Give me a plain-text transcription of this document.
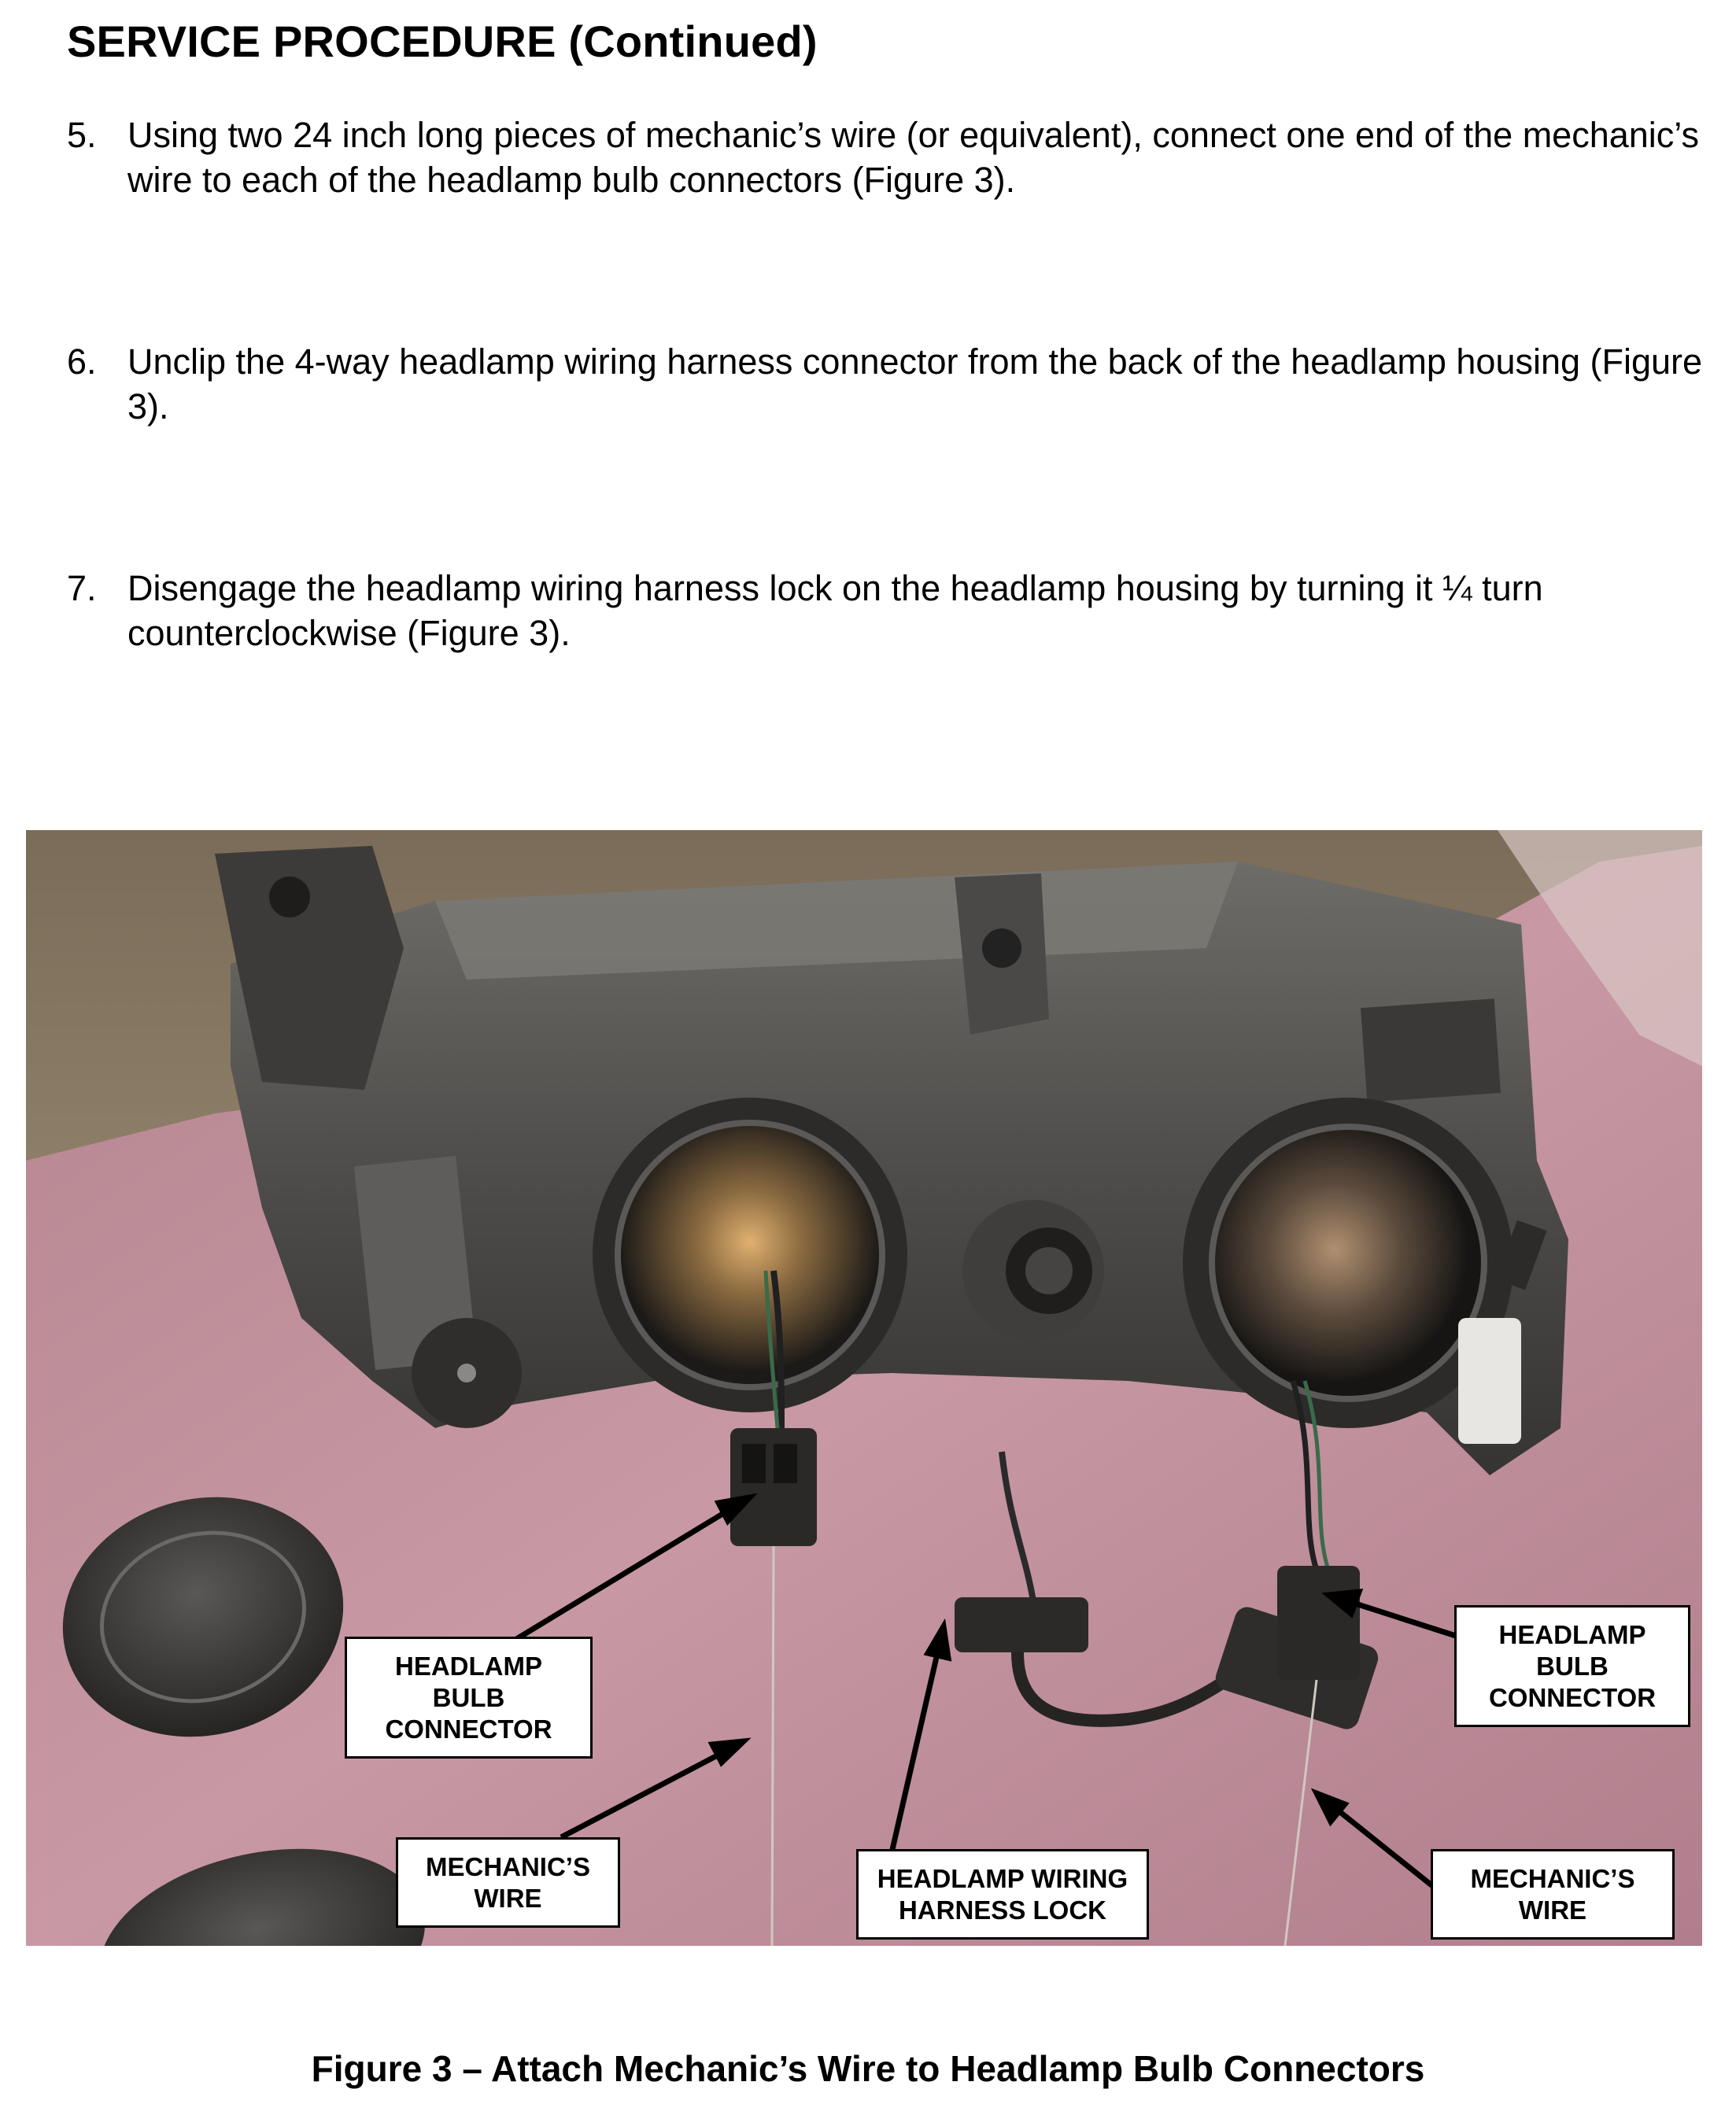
SERVICE PROCEDURE (Continued)
5. Using two 24 inch long pieces of mechanic’s wire (or equivalent), connect one end of the mechanic’s wire to each of the headlamp bulb connectors (Figure 3).
6. Unclip the 4-way headlamp wiring harness connector from the back of the headlamp housing (Figure 3).
7. Disengage the headlamp wiring harness lock on the headlamp housing by turning it ¼ turn counterclockwise (Figure 3).
HEADLAMP
BULB
CONNECTOR
HEADLAMP
BULB
CONNECTOR
MECHANIC’S
WIRE
HEADLAMP WIRING
HARNESS LOCK
MECHANIC’S
WIRE
Figure 3 – Attach Mechanic’s Wire to Headlamp Bulb Connectors
